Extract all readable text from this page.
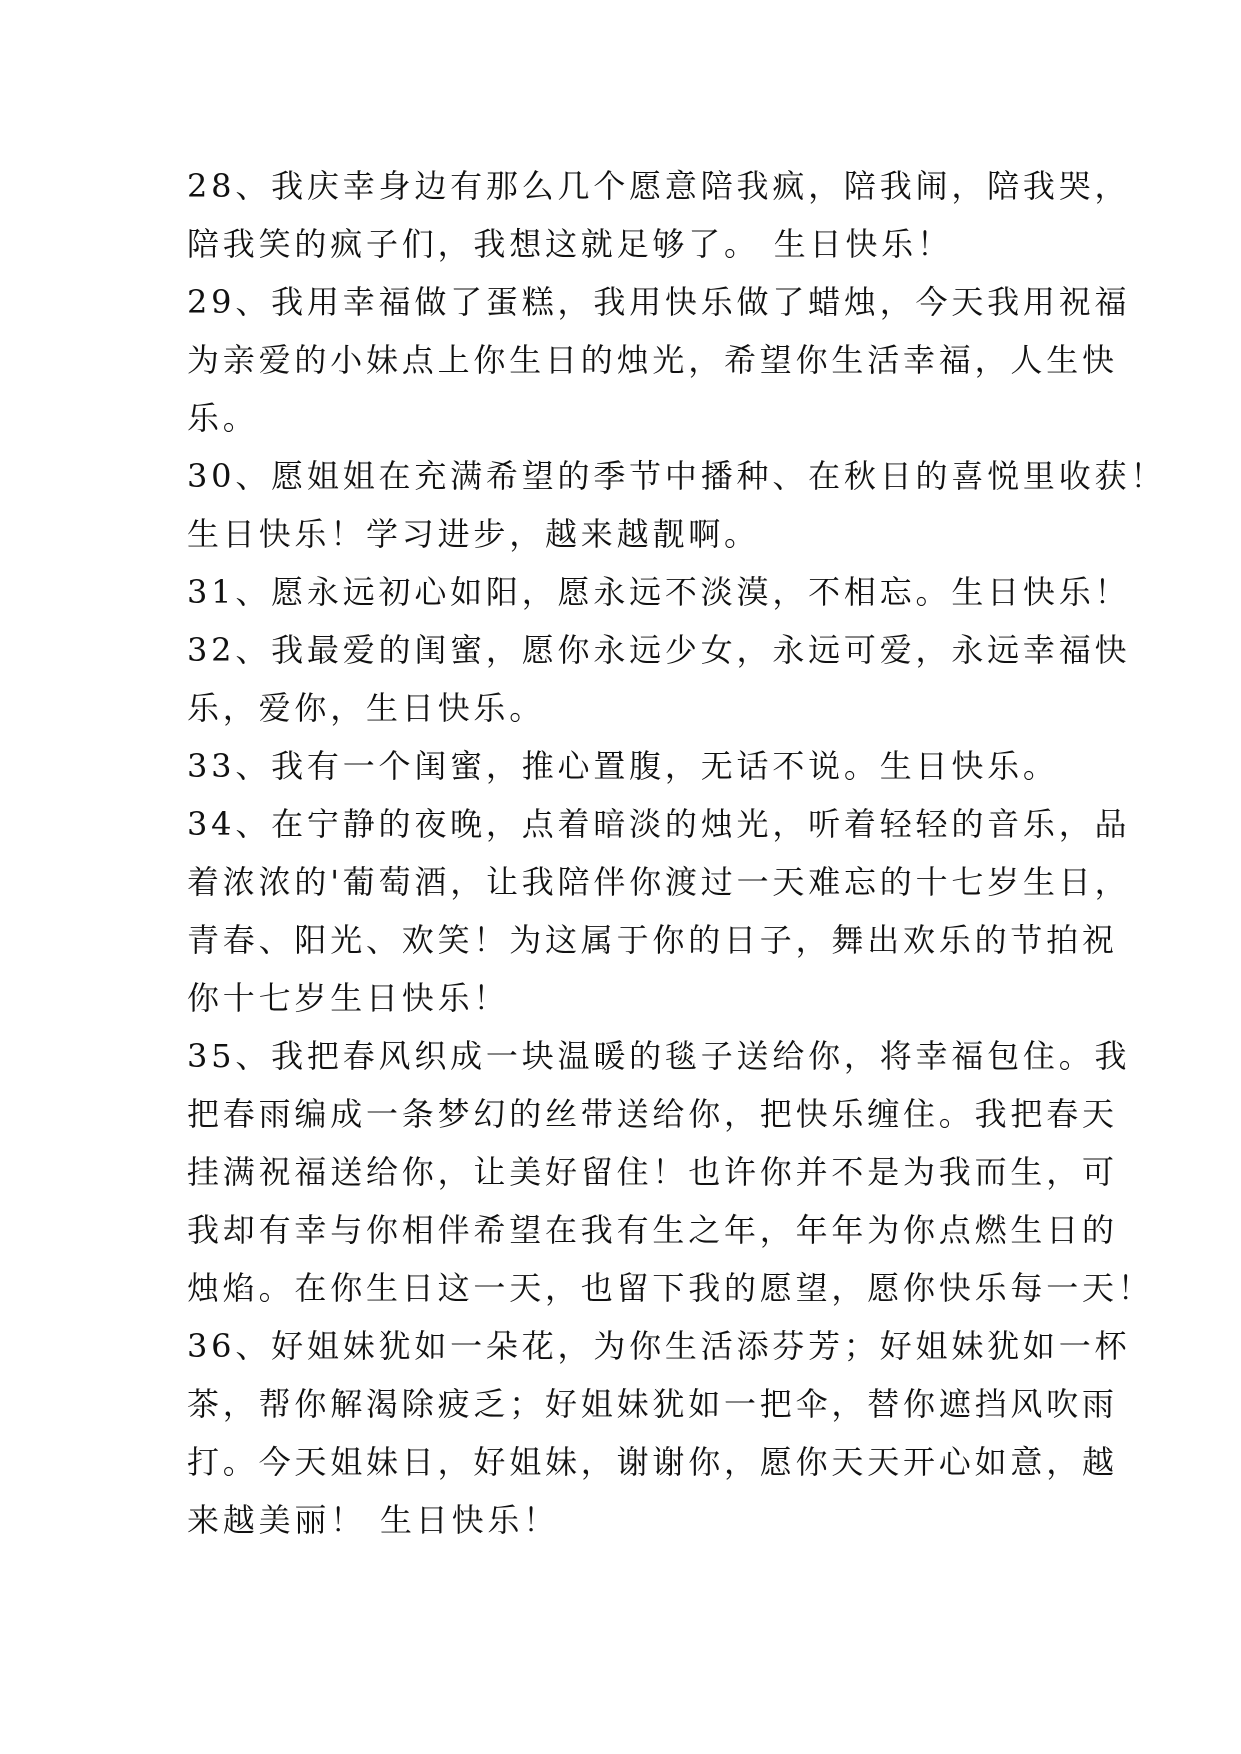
28、我庆幸身边有那么几个愿意陪我疯，陪我闹，陪我哭，
陪我笑的疯子们，我想这就足够了。 生日快乐！
29、我用幸福做了蛋糕，我用快乐做了蜡烛，今天我用祝福
为亲爱的小妹点上你生日的烛光，希望你生活幸福，人生快
乐。
30、愿姐姐在充满希望的季节中播种、在秋日的喜悦里收获！
生日快乐！学习进步，越来越靓啊。
31、愿永远初心如阳，愿永远不淡漠，不相忘。生日快乐！
32、我最爱的闺蜜，愿你永远少女，永远可爱，永远幸福快
乐，爱你，生日快乐。
33、我有一个闺蜜，推心置腹，无话不说。生日快乐。
34、在宁静的夜晚，点着暗淡的烛光，听着轻轻的音乐，品
着浓浓的'葡萄酒，让我陪伴你渡过一天难忘的十七岁生日，
青春、阳光、欢笑！为这属于你的日子，舞出欢乐的节拍祝
你十七岁生日快乐！
35、我把春风织成一块温暖的毯子送给你，将幸福包住。我
把春雨编成一条梦幻的丝带送给你，把快乐缠住。我把春天
挂满祝福送给你，让美好留住！也许你并不是为我而生，可
我却有幸与你相伴希望在我有生之年，年年为你点燃生日的
烛焰。在你生日这一天，也留下我的愿望，愿你快乐每一天！
36、好姐妹犹如一朵花，为你生活添芬芳；好姐妹犹如一杯
茶，帮你解渴除疲乏；好姐妹犹如一把伞，替你遮挡风吹雨
打。今天姐妹日，好姐妹，谢谢你，愿你天天开心如意，越
来越美丽！ 生日快乐！
